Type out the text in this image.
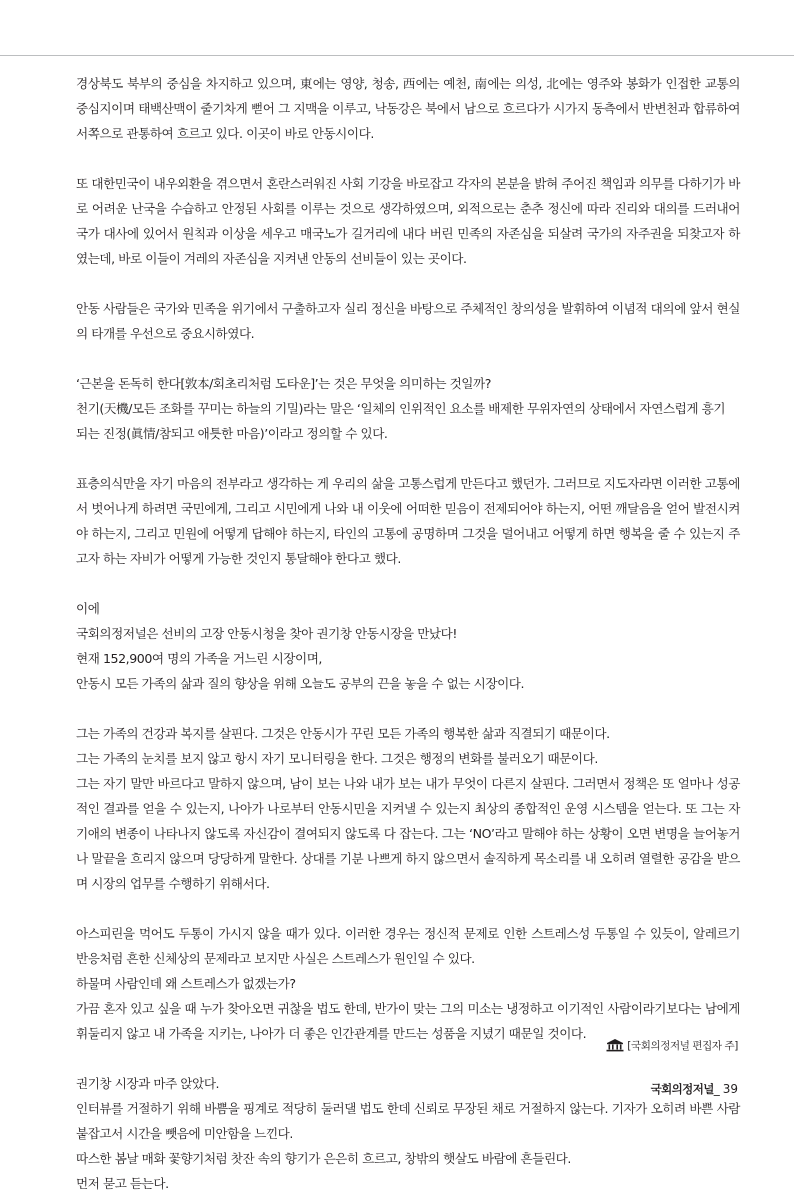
경상북도 북부의 중심을 차지하고 있으며, 東에는 영양, 청송, 西에는 예천, 南에는 의성, 北에는 영주와 봉화가 인접한 교통의 중심지이며 태백산맥이 줄기차게 뻗어 그 지맥을 이루고, 낙동강은 북에서 남으로 흐르다가 시가지 동측에서 반변천과 합류하여 서쪽으로 관통하여 흐르고 있다. 이곳이 바로 안동시이다.

또 대한민국이 내우외환을 겪으면서 혼란스러워진 사회 기강을 바로잡고 각자의 본분을 밝혀 주어진 책임과 의무를 다하기가 바로 어려운 난국을 수습하고 안정된 사회를 이루는 것으로 생각하였으며, 외적으로는 춘추 정신에 따라 진리와 대의를 드러내어 국가 대사에 있어서 원칙과 이상을 세우고 매국노가 길거리에 내다 버린 민족의 자존심을 되살려 국가의 자주권을 되찾고자 하였는데, 바로 이들이 겨레의 자존심을 지켜낸 안동의 선비들이 있는 곳이다.

안동 사람들은 국가와 민족을 위기에서 구출하고자 실리 정신을 바탕으로 주체적인 창의성을 발휘하여 이념적 대의에 앞서 현실의 타개를 우선으로 중요시하였다.

‘근본을 돈독히 한다[敦本/회초리처럼 도타운]’는 것은 무엇을 의미하는 것일까?
천기(天機/모든 조화를 꾸미는 하늘의 기밀)라는 말은 ‘일체의 인위적인 요소를 배제한 무위자연의 상태에서 자연스럽게 흥기 되는 진정(眞情/참되고 애틋한 마음)’이라고 정의할 수 있다.

표층의식만을 자기 마음의 전부라고 생각하는 게 우리의 삶을 고통스럽게 만든다고 했던가. 그러므로 지도자라면 이러한 고통에서 벗어나게 하려면 국민에게, 그리고 시민에게 나와 내 이웃에 어떠한 믿음이 전제되어야 하는지, 어떤 깨달음을 얻어 발전시켜야 하는지, 그리고 민원에 어떻게 답해야 하는지, 타인의 고통에 공명하며 그것을 덜어내고 어떻게 하면 행복을 줄 수 있는지 주고자 하는 자비가 어떻게 가능한 것인지 통달해야 한다고 했다.

이에
국회의정저널은 선비의 고장 안동시청을 찾아 권기창 안동시장을 만났다!
현재 152,900여 명의 가족을 거느린 시장이며,
안동시 모든 가족의 삶과 질의 향상을 위해 오늘도 공부의 끈을 놓을 수 없는 시장이다.
그는 가족의 건강과 복지를 살핀다. 그것은 안동시가 꾸린 모든 가족의 행복한 삶과 직결되기 때문이다.
그는 가족의 눈치를 보지 않고 항시 자기 모니터링을 한다. 그것은 행정의 변화를 불러오기 때문이다.
그는 자기 말만 바르다고 말하지 않으며, 남이 보는 나와 내가 보는 내가 무엇이 다른지 살핀다. 그러면서 정책은 또 얼마나 성공적인 결과를 얻을 수 있는지, 나아가 나로부터 안동시민을 지켜낼 수 있는지 최상의 종합적인 운영 시스템을 얻는다. 또 그는 자기애의 변종이 나타나지 않도록 자신감이 결여되지 않도록 다 잡는다. 그는 ‘NO’라고 말해야 하는 상황이 오면 변명을 늘어놓거나 말끝을 흐리지 않으며 당당하게 말한다. 상대를 기분 나쁘게 하지 않으면서 솔직하게 목소리를 내 오히려 열렬한 공감을 받으며 시장의 업무를 수행하기 위해서다.
아스피린을 먹어도 두통이 가시지 않을 때가 있다. 이러한 경우는 정신적 문제로 인한 스트레스성 두통일 수 있듯이, 알레르기 반응처럼 흔한 신체상의 문제라고 보지만 사실은 스트레스가 원인일 수 있다.
하물며 사람인데 왜 스트레스가 없겠는가?
가끔 혼자 있고 싶을 때 누가 찾아오면 귀찮을 법도 한데, 반가이 맞는 그의 미소는 냉정하고 이기적인 사람이라기보다는 남에게 휘둘리지 않고 내 가족을 지키는, 나아가 더 좋은 인간관계를 만드는 성품을 지녔기 때문일 것이다.
권기창 시장과 마주 앉았다.
인터뷰를 거절하기 위해 바쁨을 핑계로 적당히 둘러댈 법도 한데 신뢰로 무장된 채로 거절하지 않는다. 기자가 오히려 바쁜 사람 붙잡고서 시간을 뺏음에 미안함을 느낀다.
따스한 봄날 매화 꽃향기처럼 찻잔 속의 향기가 은은히 흐르고, 창밖의 햇살도 바람에 흔들린다.
먼저 묻고 듣는다.
[국회의정저널 편집자 주]
국회의정저널 _ 39
